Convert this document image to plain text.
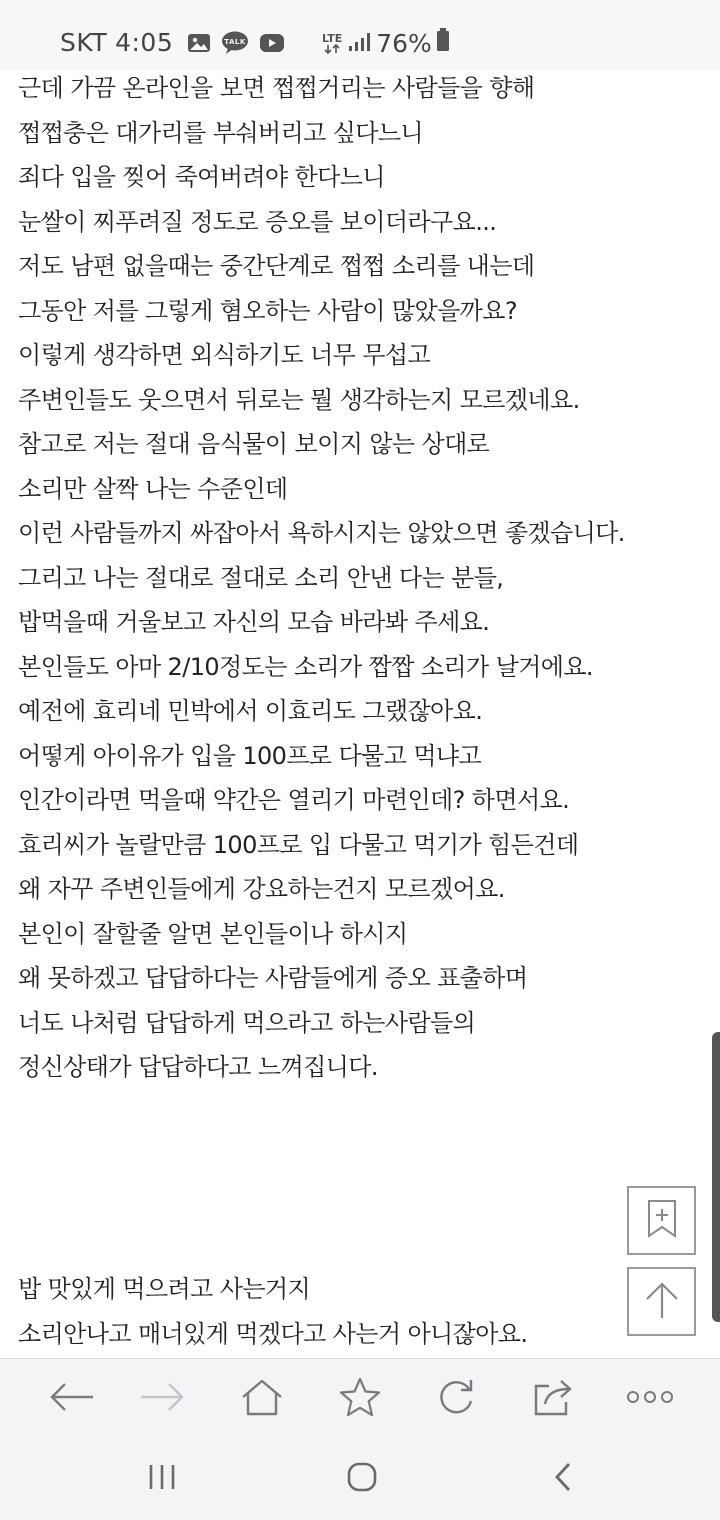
SKT 4:05	TALK	LTE 76%
근데 가끔 온라인을 보면 쩝쩝거리는 사람들을 향해
쩝쩝충은 대가리를 부숴버리고 싶다느니
죄다 입을 찢어 죽여버려야 한다느니
눈쌀이 찌푸려질 정도로 증오를 보이더라구요...
저도 남편 없을때는 중간단계로 쩝쩝 소리를 내는데
그동안 저를 그렇게 혐오하는 사람이 많았을까요?
이렇게 생각하면 외식하기도 너무 무섭고
주변인들도 웃으면서 뒤로는 뭘 생각하는지 모르겠네요.
참고로 저는 절대 음식물이 보이지 않는 상대로
소리만 살짝 나는 수준인데
이런 사람들까지 싸잡아서 욕하시지는 않았으면 좋겠습니다.
그리고 나는 절대로 절대로 소리 안낸 다는 분들,
밥먹을때 거울보고 자신의 모습 바라봐 주세요.
본인들도 아마 2/10정도는 소리가 짭짭 소리가 날거에요.
예전에 효리네 민박에서 이효리도 그랬잖아요.
어떻게 아이유가 입을 100프로 다물고 먹냐고
인간이라면 먹을때 약간은 열리기 마련인데? 하면서요.
효리씨가 놀랄만큼 100프로 입 다물고 먹기가 힘든건데
왜 자꾸 주변인들에게 강요하는건지 모르겠어요.
본인이 잘할줄 알면 본인들이나 하시지
왜 못하겠고 답답하다는 사람들에게 증오 표출하며
너도 나처럼 답답하게 먹으라고 하는사람들의
정신상태가 답답하다고 느껴집니다.
밥 맛있게 먹으려고 사는거지
소리안나고 매너있게 먹겠다고 사는거 아니잖아요.
